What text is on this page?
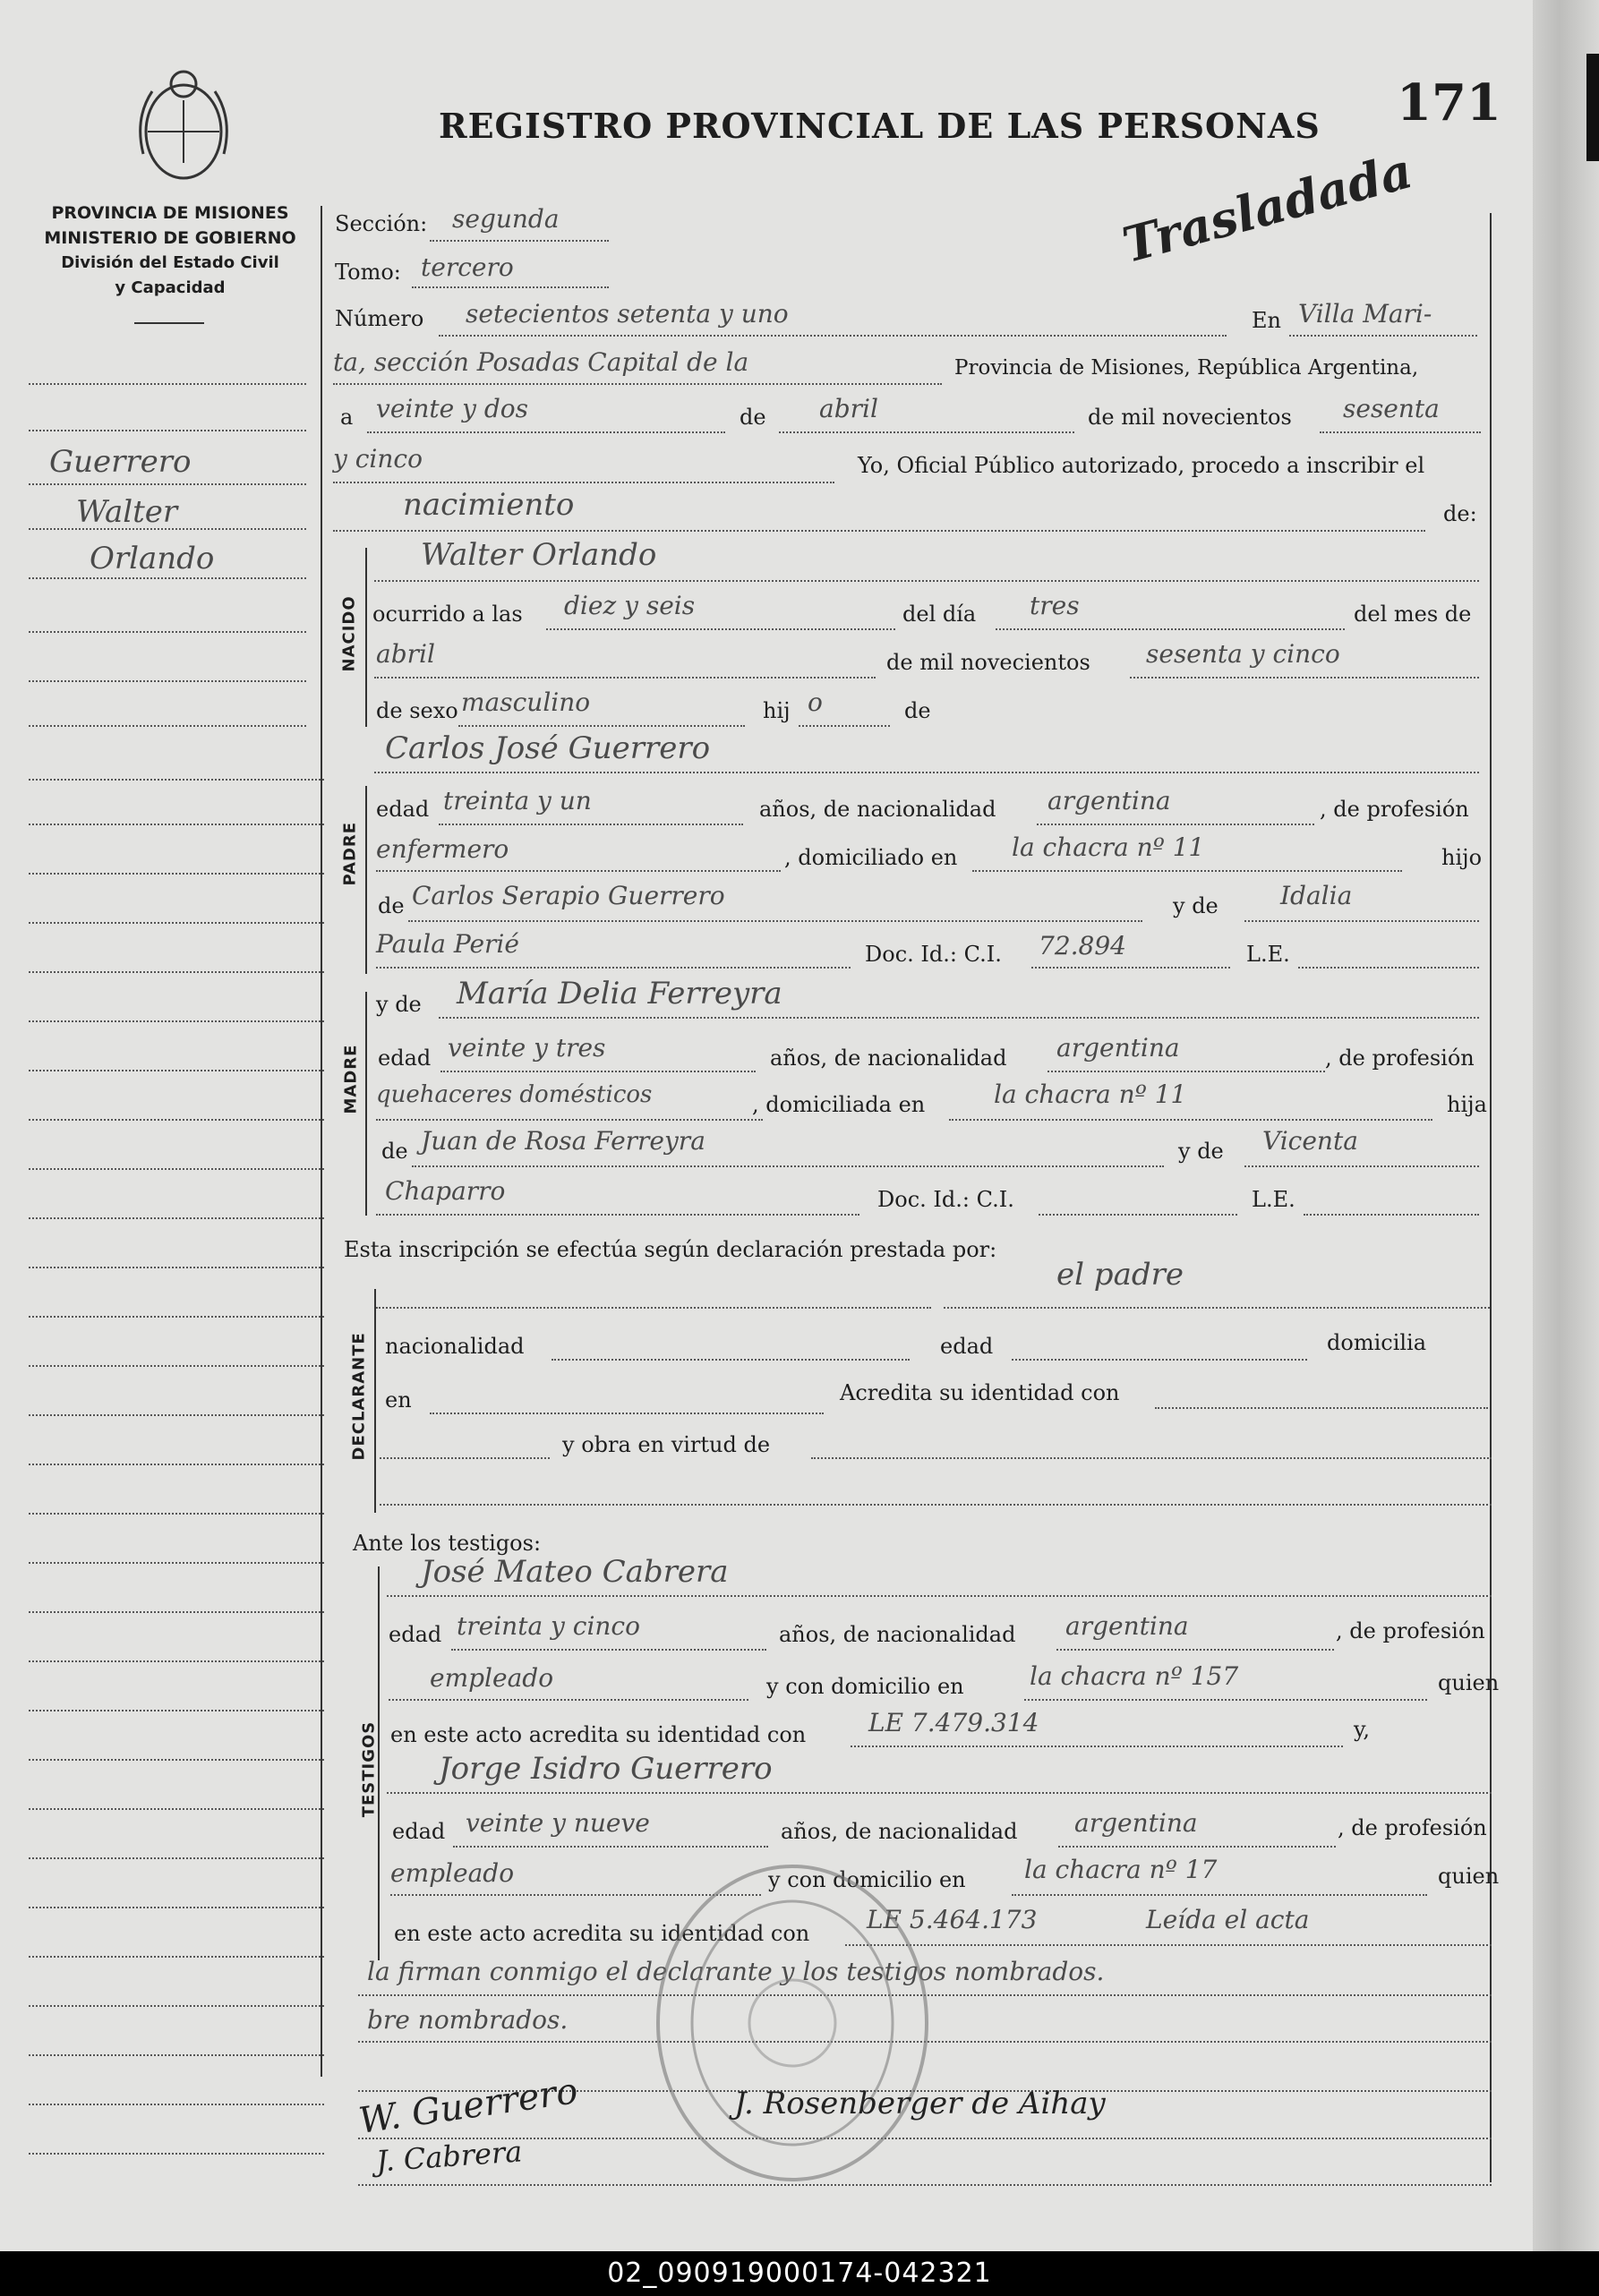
REGISTRO PROVINCIAL DE LAS PERSONAS 171
Trasladada
PROVINCIA DE MISIONES
MINISTERIO DE GOBIERNO
División del Estado Civil
y Capacidad
Guerrero
Walter
Orlando
Sección: segunda
Tomo: tercero
Número setecientos setenta y uno	En Villa Mari-
ta, sección Posadas Capital de la	Provincia de Misiones, República Argentina,
a veinte y dos	de abril	de mil novecientos sesenta
y cinco	Yo, Oficial Público autorizado, procedo a inscribir el
nacimiento	de:
NACIDO
Walter Orlando
ocurrido a las diez y seis	del día tres	del mes de
abril	de mil novecientos sesenta y cinco
de sexo masculino	hij o	de
Carlos José Guerrero
PADRE
edad treinta y un	años, de nacionalidad argentina	, de profesión
enfermero	, domiciliado en la chacra nº 11	hijo
de Carlos Serapio Guerrero	y de Idalia
Paula Perié	Doc. Id.: C.I. 72.894	L.E.
MADRE
y de María Delia Ferreyra
edad veinte y tres	años, de nacionalidad argentina	, de profesión
quehaceres domésticos	, domiciliada en	la chacra nº 11	hija
de Juan de Rosa Ferreyra	y de Vicenta
Chaparro	Doc. Id.: C.I.	L.E.
Esta inscripción se efectúa según declaración prestada por:
el padre
DECLARANTE nacionalidad	edad	domicilia
en	Acredita su identidad con
y obra en virtud de
Ante los testigos:
TESTIGOS
José Mateo Cabrera
edad treinta y cinco	años, de nacionalidad argentina	, de profesión
empleado	y con domicilio en	la chacra nº 157	quien
en este acto acredita su identidad con LE 7.479.314	y,
Jorge Isidro Guerrero
edad veinte y nueve	años, de nacionalidad argentina	, de profesión
empleado	y con domicilio en la chacra nº 17	quien
en este acto acredita su identidad con LE 5.464.173	Leída el acta
la firman conmigo el declarante y los testigos nombrados.
bre nombrados.
W. Guerrero
J. Cabrera
J. Rosenberger de Aihay
02_090919000174-042321
